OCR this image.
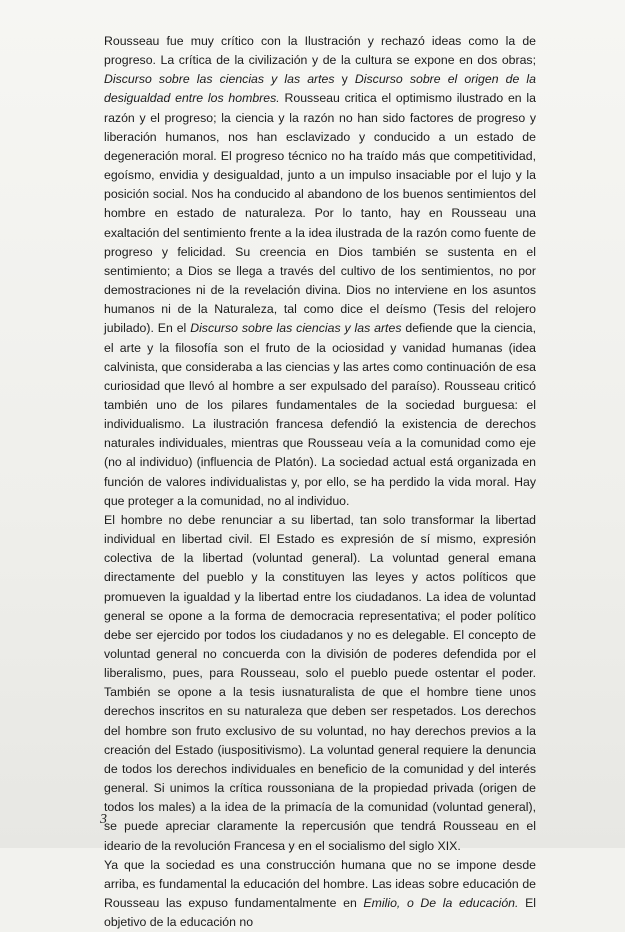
Rousseau fue muy crítico con la Ilustración y rechazó ideas como la de progreso. La crítica de la civilización y de la cultura se expone en dos obras; Discurso sobre las ciencias y las artes y Discurso sobre el origen de la desigualdad entre los hombres. Rousseau critica el optimismo ilustrado en la razón y el progreso; la ciencia y la razón no han sido factores de progreso y liberación humanos, nos han esclavizado y conducido a un estado de degeneración moral. El progreso técnico no ha traído más que competitividad, egoísmo, envidia y desigualdad, junto a un impulso insaciable por el lujo y la posición social. Nos ha conducido al abandono de los buenos sentimientos del hombre en estado de naturaleza. Por lo tanto, hay en Rousseau una exaltación del sentimiento frente a la idea ilustrada de la razón como fuente de progreso y felicidad. Su creencia en Dios también se sustenta en el sentimiento; a Dios se llega a través del cultivo de los sentimientos, no por demostraciones ni de la revelación divina. Dios no interviene en los asuntos humanos ni de la Naturaleza, tal como dice el deísmo (Tesis del relojero jubilado). En el Discurso sobre las ciencias y las artes defiende que la ciencia, el arte y la filosofía son el fruto de la ociosidad y vanidad humanas (idea calvinista, que consideraba a las ciencias y las artes como continuación de esa curiosidad que llevó al hombre a ser expulsado del paraíso). Rousseau criticó también uno de los pilares fundamentales de la sociedad burguesa: el individualismo. La ilustración francesa defendió la existencia de derechos naturales individuales, mientras que Rousseau veía a la comunidad como eje (no al individuo) (influencia de Platón). La sociedad actual está organizada en función de valores individualistas y, por ello, se ha perdido la vida moral. Hay que proteger a la comunidad, no al individuo.

El hombre no debe renunciar a su libertad, tan solo transformar la libertad individual en libertad civil. El Estado es expresión de sí mismo, expresión colectiva de la libertad (voluntad general). La voluntad general emana directamente del pueblo y la constituyen las leyes y actos políticos que promueven la igualdad y la libertad entre los ciudadanos. La idea de voluntad general se opone a la forma de democracia representativa; el poder político debe ser ejercido por todos los ciudadanos y no es delegable. El concepto de voluntad general no concuerda con la división de poderes defendida por el liberalismo, pues, para Rousseau, solo el pueblo puede ostentar el poder. También se opone a la tesis iusnaturalista de que el hombre tiene unos derechos inscritos en su naturaleza que deben ser respetados. Los derechos del hombre son fruto exclusivo de su voluntad, no hay derechos previos a la creación del Estado (iuspositivismo). La voluntad general requiere la denuncia de todos los derechos individuales en beneficio de la comunidad y del interés general. Si unimos la crítica roussoniana de la propiedad privada (origen de todos los males) a la idea de la primacía de la comunidad (voluntad general), se puede apreciar claramente la repercusión que tendrá Rousseau en el ideario de la revolución Francesa y en el socialismo del siglo XIX.

Ya que la sociedad es una construcción humana que no se impone desde arriba, es fundamental la educación del hombre. Las ideas sobre educación de Rousseau las expuso fundamentalmente en Emilio, o De la educación. El objetivo de la educación no

3
